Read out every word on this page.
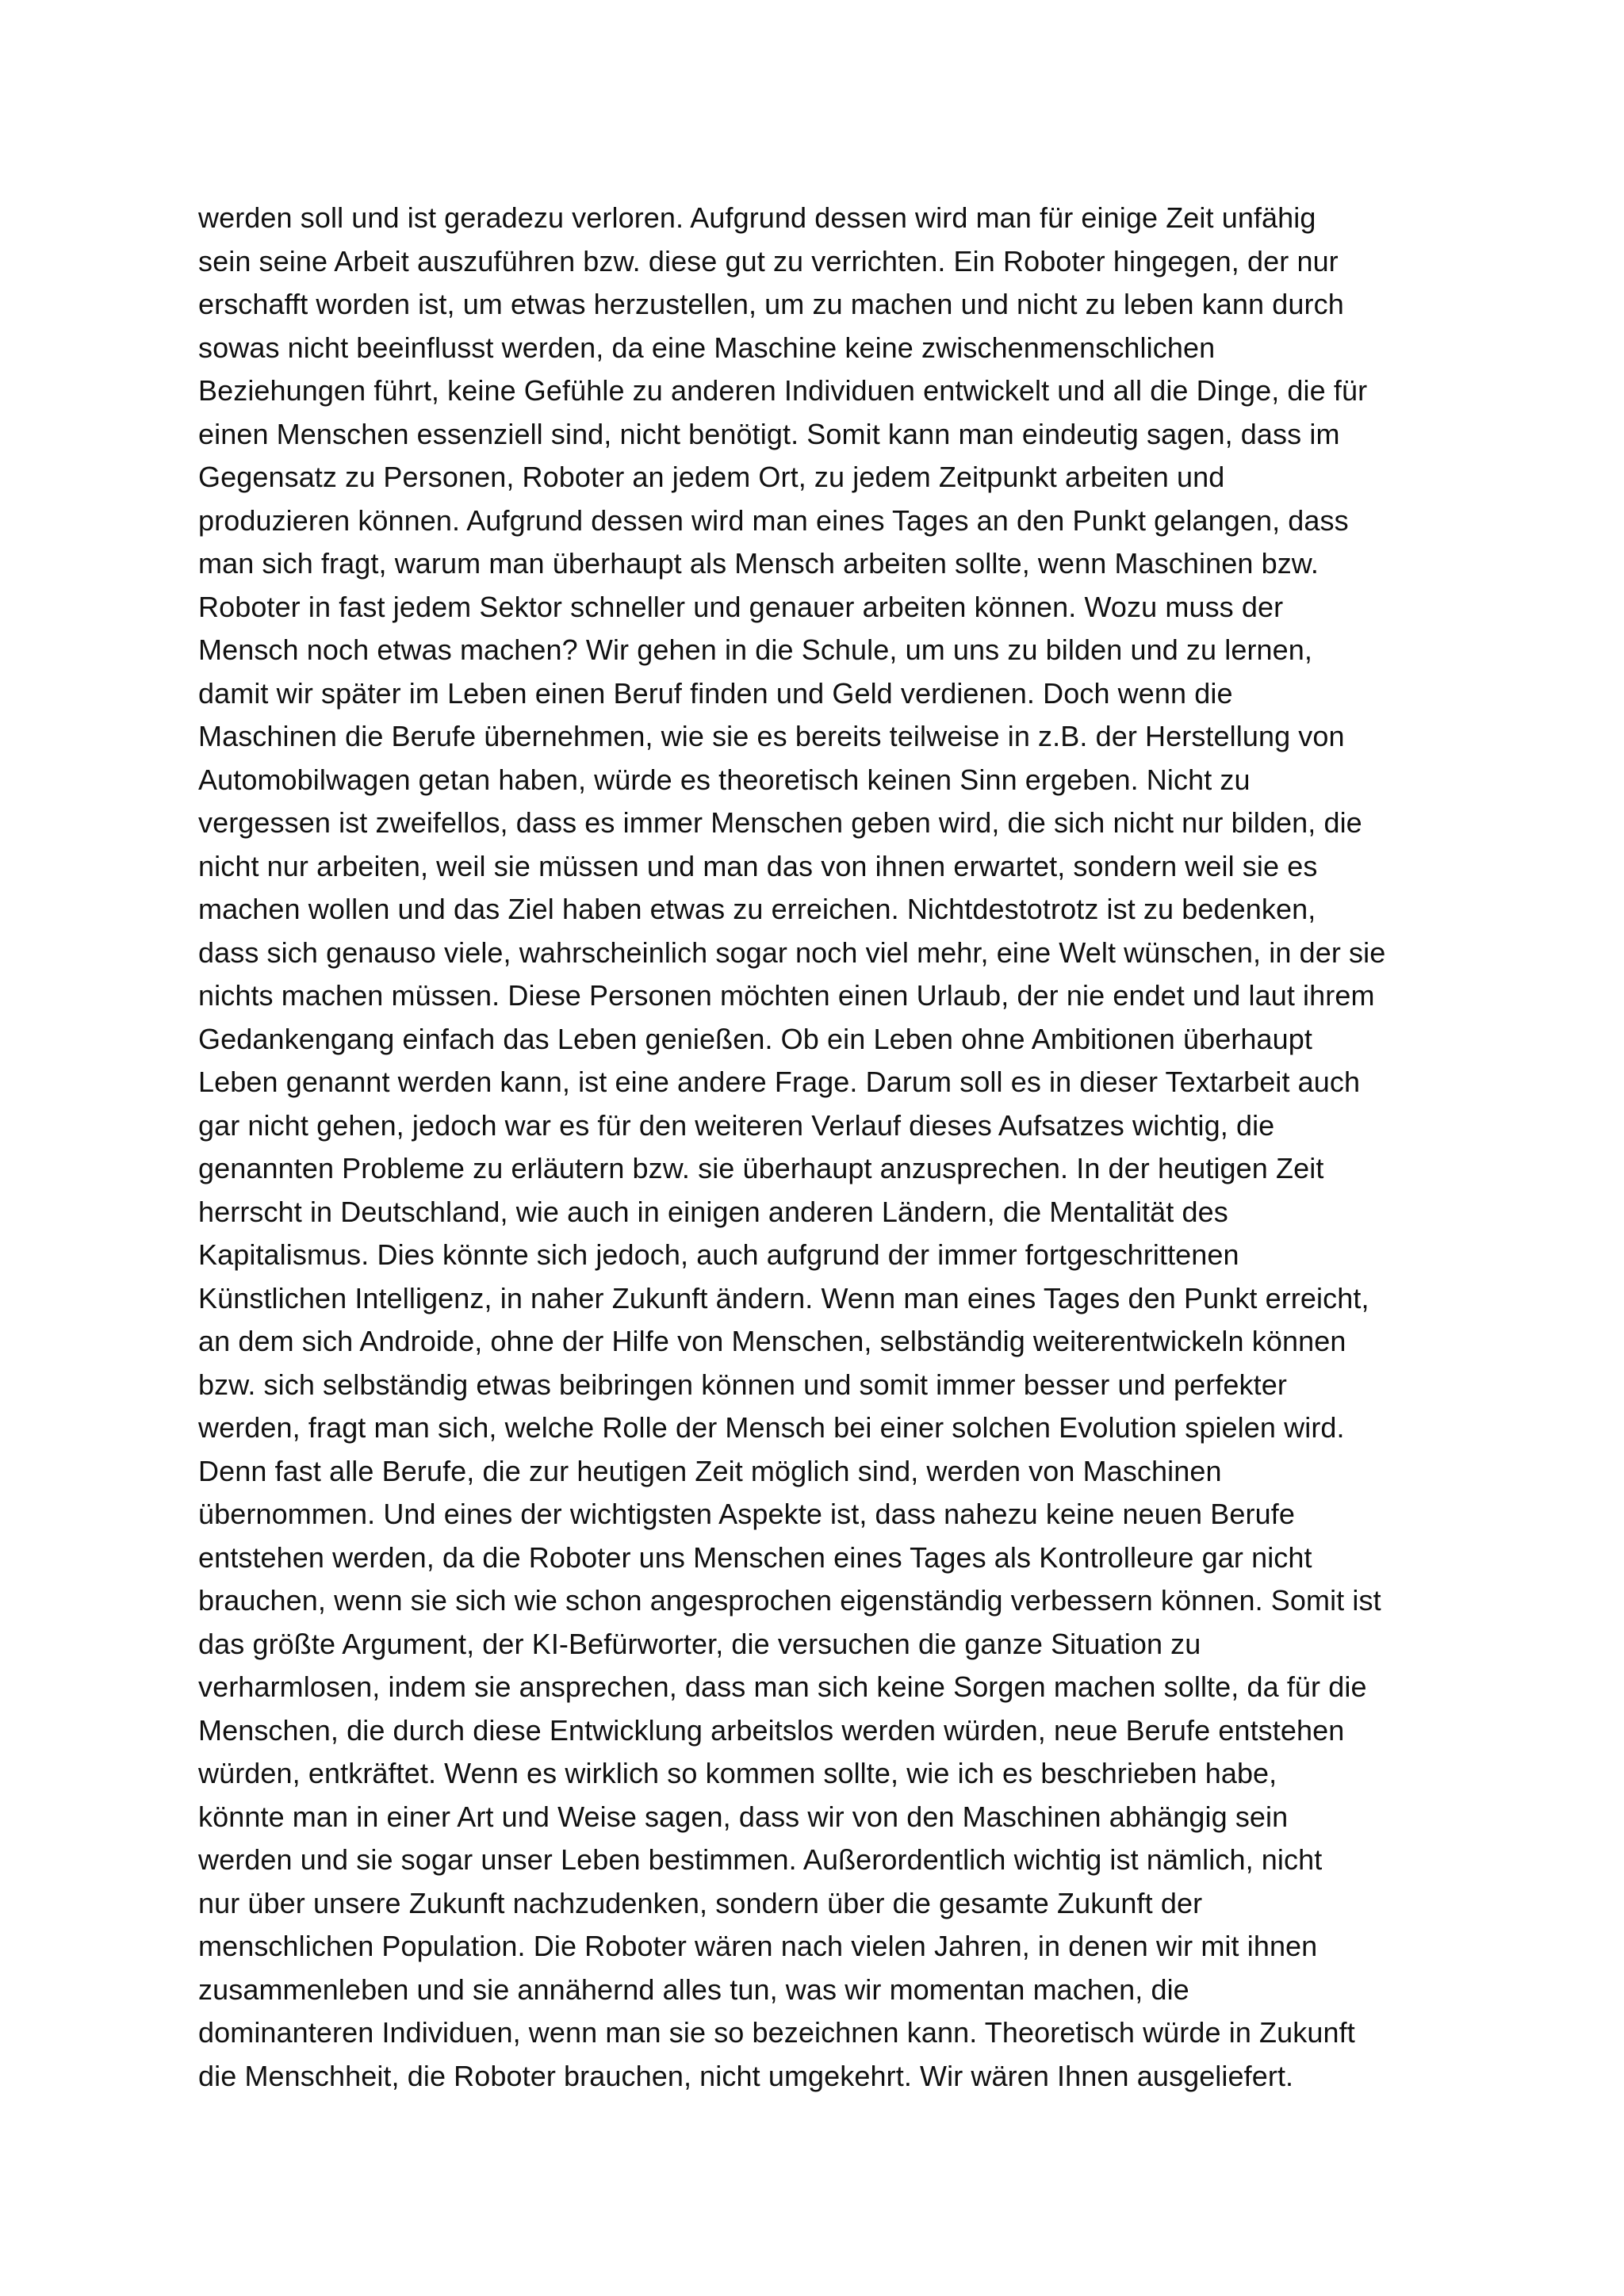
werden soll und ist geradezu verloren. Aufgrund dessen wird man für einige Zeit unfähig
sein seine Arbeit auszuführen bzw. diese gut zu verrichten. Ein Roboter hingegen, der nur
erschafft worden ist, um etwas herzustellen, um zu machen und nicht zu leben kann durch
sowas nicht beeinflusst werden, da eine Maschine keine zwischenmenschlichen
Beziehungen führt, keine Gefühle zu anderen Individuen entwickelt und all die Dinge, die für
einen Menschen essenziell sind, nicht benötigt. Somit kann man eindeutig sagen, dass im
Gegensatz zu Personen, Roboter an jedem Ort, zu jedem Zeitpunkt arbeiten und
produzieren können. Aufgrund dessen wird man eines Tages an den Punkt gelangen, dass
man sich fragt, warum man überhaupt als Mensch arbeiten sollte, wenn Maschinen bzw.
Roboter in fast jedem Sektor schneller und genauer arbeiten können. Wozu muss der
Mensch noch etwas machen? Wir gehen in die Schule, um uns zu bilden und zu lernen,
damit wir später im Leben einen Beruf finden und Geld verdienen. Doch wenn die
Maschinen die Berufe übernehmen, wie sie es bereits teilweise in z.B. der Herstellung von
Automobilwagen getan haben, würde es theoretisch keinen Sinn ergeben. Nicht zu
vergessen ist zweifellos, dass es immer Menschen geben wird, die sich nicht nur bilden, die
nicht nur arbeiten, weil sie müssen und man das von ihnen erwartet, sondern weil sie es
machen wollen und das Ziel haben etwas zu erreichen. Nichtdestotrotz ist zu bedenken,
dass sich genauso viele, wahrscheinlich sogar noch viel mehr, eine Welt wünschen, in der sie
nichts machen müssen. Diese Personen möchten einen Urlaub, der nie endet und laut ihrem
Gedankengang einfach das Leben genießen. Ob ein Leben ohne Ambitionen überhaupt
Leben genannt werden kann, ist eine andere Frage. Darum soll es in dieser Textarbeit auch
gar nicht gehen, jedoch war es für den weiteren Verlauf dieses Aufsatzes wichtig, die
genannten Probleme zu erläutern bzw. sie überhaupt anzusprechen. In der heutigen Zeit
herrscht in Deutschland, wie auch in einigen anderen Ländern, die Mentalität des
Kapitalismus. Dies könnte sich jedoch, auch aufgrund der immer fortgeschrittenen
Künstlichen Intelligenz, in naher Zukunft ändern. Wenn man eines Tages den Punkt erreicht,
an dem sich Androide, ohne der Hilfe von Menschen, selbständig weiterentwickeln können
bzw. sich selbständig etwas beibringen können und somit immer besser und perfekter
werden, fragt man sich, welche Rolle der Mensch bei einer solchen Evolution spielen wird.
Denn fast alle Berufe, die zur heutigen Zeit möglich sind, werden von Maschinen
übernommen. Und eines der wichtigsten Aspekte ist, dass nahezu keine neuen Berufe
entstehen werden, da die Roboter uns Menschen eines Tages als Kontrolleure gar nicht
brauchen, wenn sie sich wie schon angesprochen eigenständig verbessern können. Somit ist
das größte Argument, der KI-Befürworter, die versuchen die ganze Situation zu
verharmlosen, indem sie ansprechen, dass man sich keine Sorgen machen sollte, da für die
Menschen, die durch diese Entwicklung arbeitslos werden würden, neue Berufe entstehen
würden, entkräftet. Wenn es wirklich so kommen sollte, wie ich es beschrieben habe,
könnte man in einer Art und Weise sagen, dass wir von den Maschinen abhängig sein
werden und sie sogar unser Leben bestimmen. Außerordentlich wichtig ist nämlich, nicht
nur über unsere Zukunft nachzudenken, sondern über die gesamte Zukunft der
menschlichen Population. Die Roboter wären nach vielen Jahren, in denen wir mit ihnen
zusammenleben und sie annähernd alles tun, was wir momentan machen, die
dominanteren Individuen, wenn man sie so bezeichnen kann. Theoretisch würde in Zukunft
die Menschheit, die Roboter brauchen, nicht umgekehrt. Wir wären Ihnen ausgeliefert.
